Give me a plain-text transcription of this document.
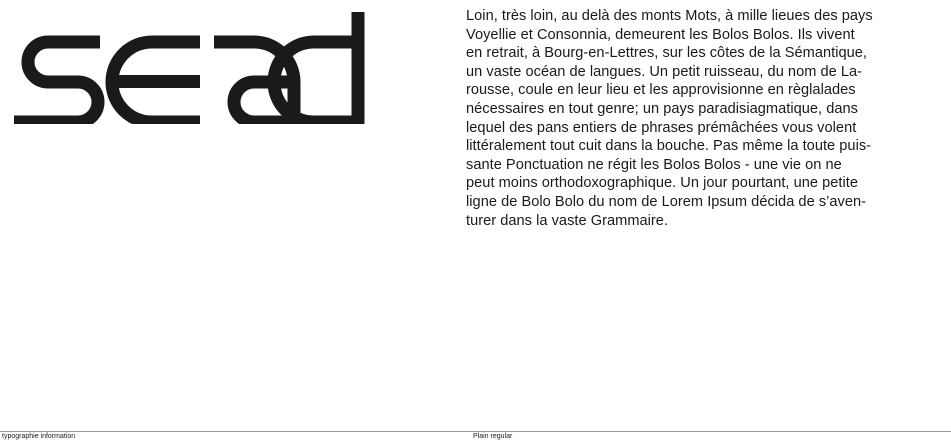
Loin, très loin, au delà des monts Mots, à mille lieues des pays
Voyellie et Consonnia, demeurent les Bolos Bolos. Ils vivent
en retrait, à Bourg-en-Lettres, sur les côtes de la Sémantique,
un vaste océan de langues. Un petit ruisseau, du nom de La-
rousse, coule en leur lieu et les approvisionne en règlalades
nécessaires en tout genre; un pays paradisiagmatique, dans
lequel des pans entiers de phrases prémâchées vous volent
littéralement tout cuit dans la bouche. Pas même la toute puis-
sante Ponctuation ne régit les Bolos Bolos - une vie on ne
peut moins orthodoxographique. Un jour pourtant, une petite
ligne de Bolo Bolo du nom de Lorem Ipsum décida de s’aven-
turer dans la vaste Grammaire.

typographie information	Plain regular
